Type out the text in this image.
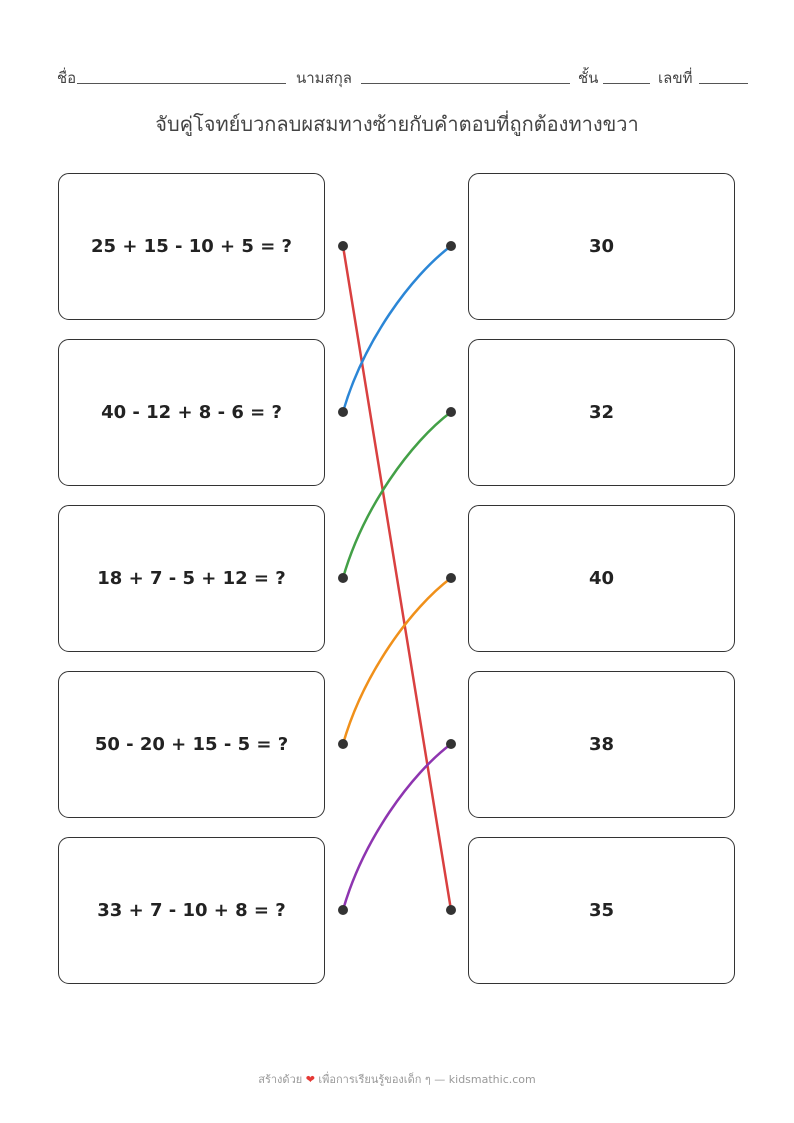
ชื่อ	นามสกุล	ชั้น	เลขที่
จับคู่โจทย์บวกลบผสมทางซ้ายกับคำตอบที่ถูกต้องทางขวา
25 + 15 - 10 + 5 = ?
40 - 12 + 8 - 6 = ?
18 + 7 - 5 + 12 = ?
50 - 20 + 15 - 5 = ?
33 + 7 - 10 + 8 = ?
30
32
40
38
35
สร้างด้วย ❤ เพื่อการเรียนรู้ของเด็ก ๆ — kidsmathic.com
